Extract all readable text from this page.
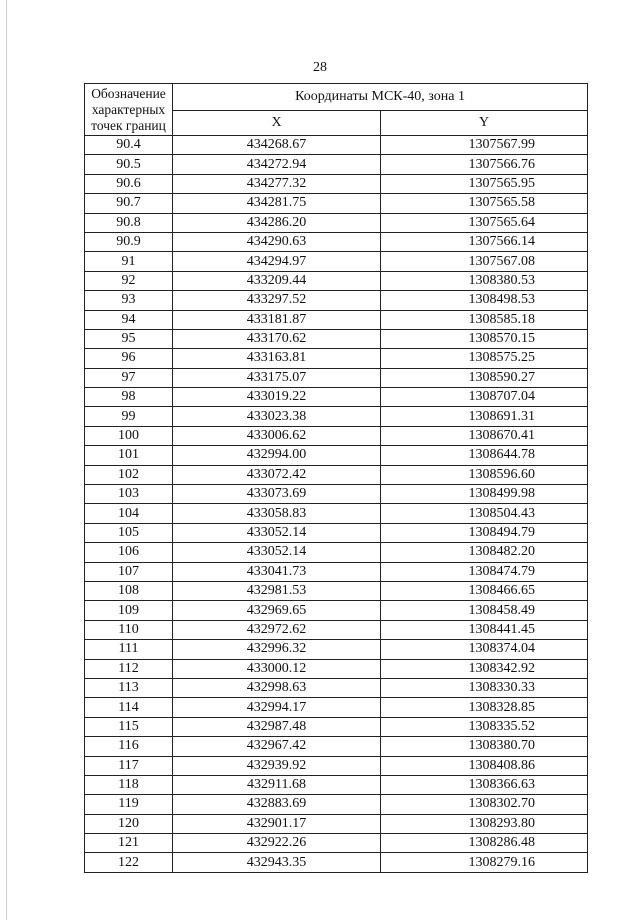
28
Обозначение характерных точек границ	Координаты МСК-40, зона 1	
	X	Y
90.4	434268.67	1307567.99
90.5	434272.94	1307566.76
90.6	434277.32	1307565.95
90.7	434281.75	1307565.58
90.8	434286.20	1307565.64
90.9	434290.63	1307566.14
91	434294.97	1307567.08
92	433209.44	1308380.53
93	433297.52	1308498.53
94	433181.87	1308585.18
95	433170.62	1308570.15
96	433163.81	1308575.25
97	433175.07	1308590.27
98	433019.22	1308707.04
99	433023.38	1308691.31
100	433006.62	1308670.41
101	432994.00	1308644.78
102	433072.42	1308596.60
103	433073.69	1308499.98
104	433058.83	1308504.43
105	433052.14	1308494.79
106	433052.14	1308482.20
107	433041.73	1308474.79
108	432981.53	1308466.65
109	432969.65	1308458.49
110	432972.62	1308441.45
111	432996.32	1308374.04
112	433000.12	1308342.92
113	432998.63	1308330.33
114	432994.17	1308328.85
115	432987.48	1308335.52
116	432967.42	1308380.70
117	432939.92	1308408.86
118	432911.68	1308366.63
119	432883.69	1308302.70
120	432901.17	1308293.80
121	432922.26	1308286.48
122	432943.35	1308279.16
